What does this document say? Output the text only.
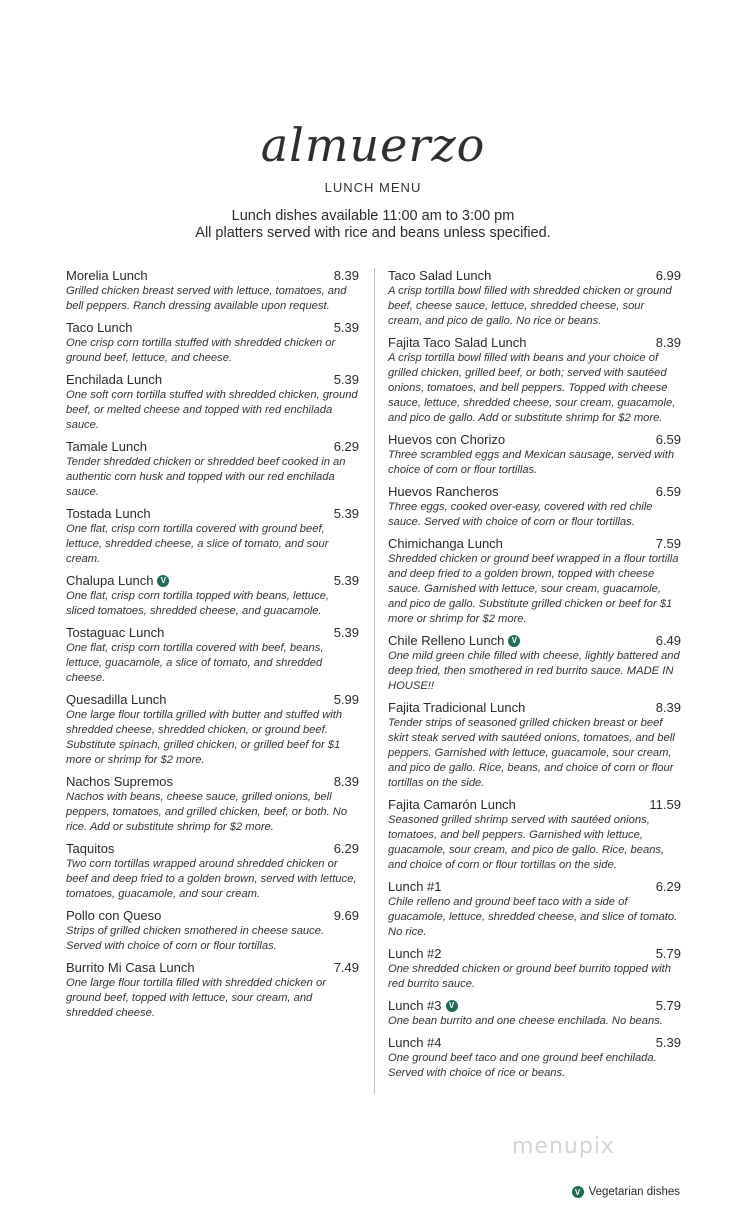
almuerzo
LUNCH MENU
Lunch dishes available 11:00 am to 3:00 pm
All platters served with rice and beans unless specified.
Morelia Lunch	8.39
Grilled chicken breast served with lettuce, tomatoes, and bell peppers. Ranch dressing available upon request.
Taco Lunch	5.39
One crisp corn tortilla stuffed with shredded chicken or ground beef, lettuce, and cheese.
Enchilada Lunch	5.39
One soft corn tortilla stuffed with shredded chicken, ground beef, or melted cheese and topped with red enchilada sauce.
Tamale Lunch	6.29
Tender shredded chicken or shredded beef cooked in an authentic corn husk and topped with our red enchilada sauce.
Tostada Lunch	5.39
One flat, crisp corn tortilla covered with ground beef, lettuce, shredded cheese, a slice of tomato, and sour cream.
Chalupa Lunch V	5.39
One flat, crisp corn tortilla topped with beans, lettuce, sliced tomatoes, shredded cheese, and guacamole.
Tostaguac Lunch	5.39
One flat, crisp corn tortilla covered with beef, beans, lettuce, guacamole, a slice of tomato, and shredded cheese.
Quesadilla Lunch	5.99
One large flour tortilla grilled with butter and stuffed with shredded cheese, shredded chicken, or ground beef. Substitute spinach, grilled chicken, or grilled beef for $1 more or shrimp for $2 more.
Nachos Supremos	8.39
Nachos with beans, cheese sauce, grilled onions, bell peppers, tomatoes, and grilled chicken, beef, or both. No rice. Add or substitute shrimp for $2 more.
Taquitos	6.29
Two corn tortillas wrapped around shredded chicken or beef and deep fried to a golden brown, served with lettuce, tomatoes, guacamole, and sour cream.
Pollo con Queso	9.69
Strips of grilled chicken smothered in cheese sauce. Served with choice of corn or flour tortillas.
Burrito Mi Casa Lunch	7.49
One large flour tortilla filled with shredded chicken or ground beef, topped with lettuce, sour cream, and shredded cheese.
Taco Salad Lunch	6.99
A crisp tortilla bowl filled with shredded chicken or ground beef, cheese sauce, lettuce, shredded cheese, sour cream, and pico de gallo. No rice or beans.
Fajita Taco Salad Lunch	8.39
A crisp tortilla bowl filled with beans and your choice of grilled chicken, grilled beef, or both; served with sautéed onions, tomatoes, and bell peppers. Topped with cheese sauce, lettuce, shredded cheese, sour cream, guacamole, and pico de gallo. Add or substitute shrimp for $2 more.
Huevos con Chorizo	6.59
Three scrambled eggs and Mexican sausage, served with choice of corn or flour tortillas.
Huevos Rancheros	6.59
Three eggs, cooked over-easy, covered with red chile sauce. Served with choice of corn or flour tortillas.
Chimichanga Lunch	7.59
Shredded chicken or ground beef wrapped in a flour tortilla and deep fried to a golden brown, topped with cheese sauce. Garnished with lettuce, sour cream, guacamole, and pico de gallo. Substitute grilled chicken or beef for $1 more or shrimp for $2 more.
Chile Relleno Lunch V	6.49
One mild green chile filled with cheese, lightly battered and deep fried, then smothered in red burrito sauce. MADE IN HOUSE!!
Fajita Tradicional Lunch	8.39
Tender strips of seasoned grilled chicken breast or beef skirt steak served with sautéed onions, tomatoes, and bell peppers. Garnished with lettuce, guacamole, sour cream, and pico de gallo. Rice, beans, and choice of corn or flour tortillas on the side.
Fajita Camarón Lunch	11.59
Seasoned grilled shrimp served with sautéed onions, tomatoes, and bell peppers. Garnished with lettuce, guacamole, sour cream, and pico de gallo. Rice, beans, and choice of corn or flour tortillas on the side.
Lunch #1	6.29
Chile relleno and ground beef taco with a side of guacamole, lettuce, shredded cheese, and slice of tomato. No rice.
Lunch #2	5.79
One shredded chicken or ground beef burrito topped with red burrito sauce.
Lunch #3 V	5.79
One bean burrito and one cheese enchilada. No beans.
Lunch #4	5.39
One ground beef taco and one ground beef enchilada. Served with choice of rice or beans.
menupix
V Vegetarian dishes
